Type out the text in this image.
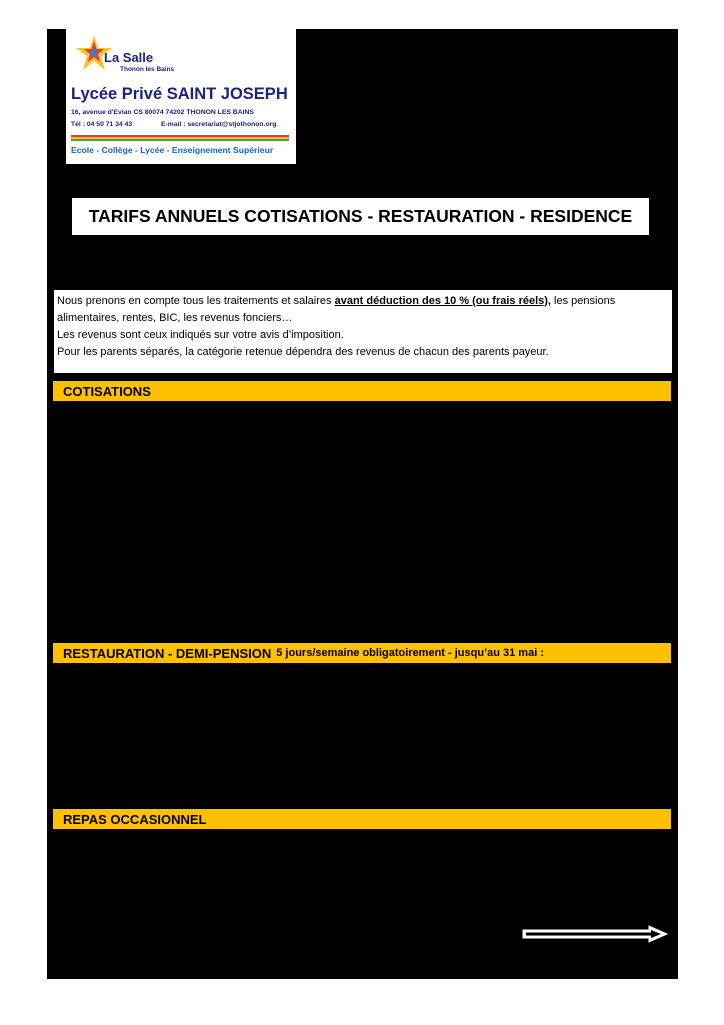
La Salle
Thonon les Bains
Lycée Privé SAINT JOSEPH
16, avenue d'Evian CS 80074 74202 THONON LES BAINS
Tél : 04 50 71 34 43	E-mail : secretariat@stjothonon.org
Ecole - Collège - Lycée - Enseignement Supérieur
TARIFS ANNUELS COTISATIONS - RESTAURATION - RESIDENCE
Nous prenons en compte tous les traitements et salaires avant déduction des 10 % (ou frais réels), les pensions alimentaires, rentes, BIC, les revenus fonciers…
Les revenus sont ceux indiqués sur votre avis d’imposition.
Pour les parents séparés, la catégorie retenue dépendra des revenus de chacun des parents payeur.
COTISATIONS
RESTAURATION - DEMI-PENSION 5 jours/semaine obligatoirement - jusqu’au 31 mai :
REPAS OCCASIONNEL
